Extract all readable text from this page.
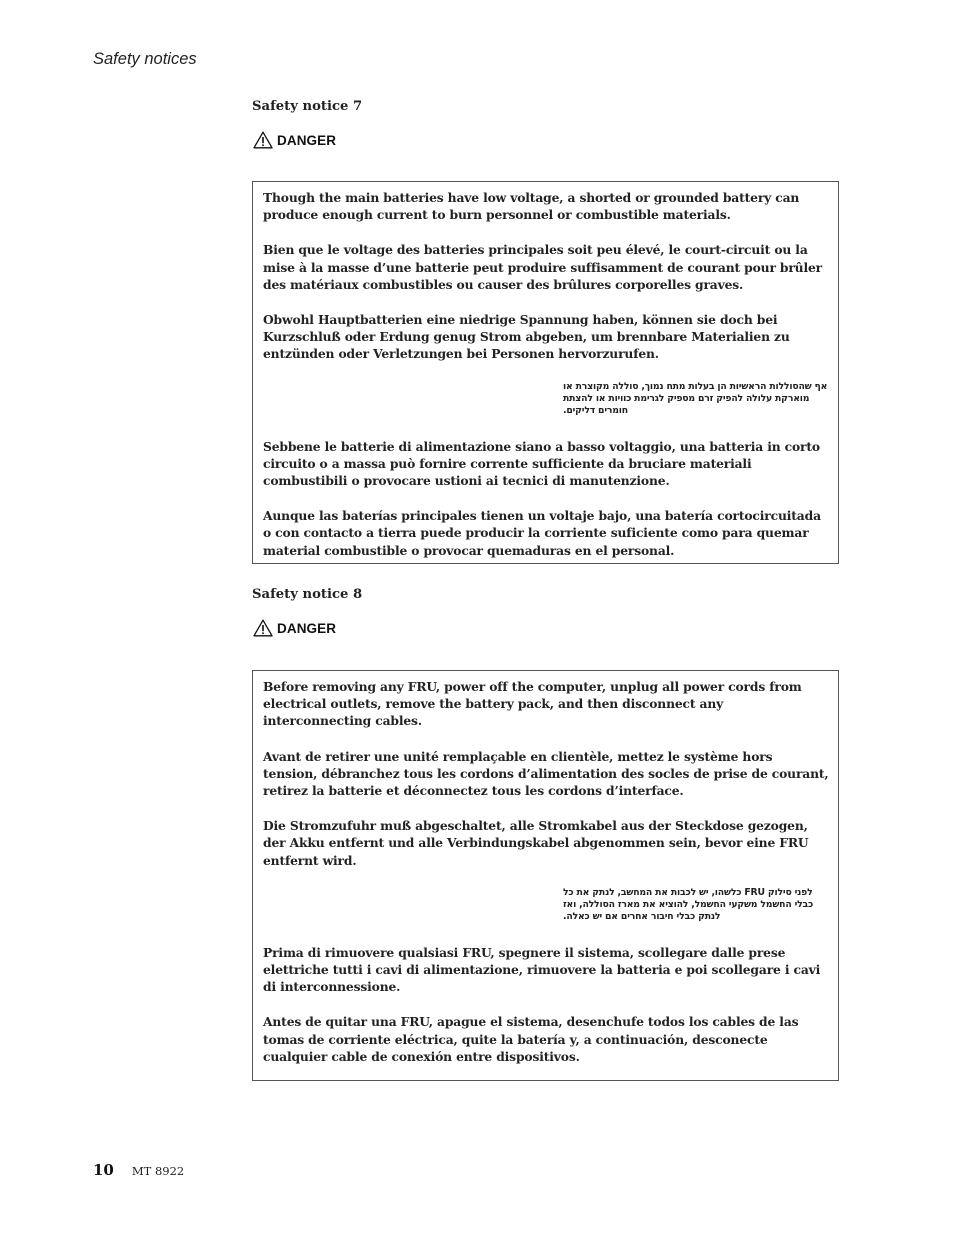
Safety notices
Safety notice 7
DANGER

Though the main batteries have low voltage, a shorted or grounded battery can produce enough current to burn personnel or combustible materials.

Bien que le voltage des batteries principales soit peu élevé, le court-circuit ou la mise à la masse d’une batterie peut produire suffisamment de courant pour brûler des matériaux combustibles ou causer des brûlures corporelles graves.

Obwohl Hauptbatterien eine niedrige Spannung haben, können sie doch bei Kurzschluß oder Erdung genug Strom abgeben, um brennbare Materialien zu entzünden oder Verletzungen bei Personen hervorzurufen.

אף שהסוללות הראשיות הן בעלות מתח נמוך, סוללה מקוצרת או מוארקת עלולה להפיק זרם מספיק לגרימת כוויות או להצתת חומרים דליקים.

Sebbene le batterie di alimentazione siano a basso voltaggio, una batteria in corto circuito o a massa può fornire corrente sufficiente da bruciare materiali combustibili o provocare ustioni ai tecnici di manutenzione.

Aunque las baterías principales tienen un voltaje bajo, una batería cortocircuitada o con contacto a tierra puede producir la corriente suficiente como para quemar material combustible o provocar quemaduras en el personal.

Safety notice 8
DANGER

Before removing any FRU, power off the computer, unplug all power cords from electrical outlets, remove the battery pack, and then disconnect any interconnecting cables.

Avant de retirer une unité remplaçable en clientèle, mettez le système hors tension, débranchez tous les cordons d’alimentation des socles de prise de courant, retirez la batterie et déconnectez tous les cordons d’interface.

Die Stromzufuhr muß abgeschaltet, alle Stromkabel aus der Steckdose gezogen, der Akku entfernt und alle Verbindungskabel abgenommen sein, bevor eine FRU entfernt wird.

לפני סילוק FRU כלשהו, יש לכבות את המחשב, לנתק את כל כבלי החשמל משקעי החשמל, להוציא את מארז הסוללה, ואז לנתק כבלי חיבור אחרים אם יש כאלה.

Prima di rimuovere qualsiasi FRU, spegnere il sistema, scollegare dalle prese elettriche tutti i cavi di alimentazione, rimuovere la batteria e poi scollegare i cavi di interconnessione.

Antes de quitar una FRU, apague el sistema, desenchufe todos los cables de las tomas de corriente eléctrica, quite la batería y, a continuación, desconecte cualquier cable de conexión entre dispositivos.

10 MT 8922
